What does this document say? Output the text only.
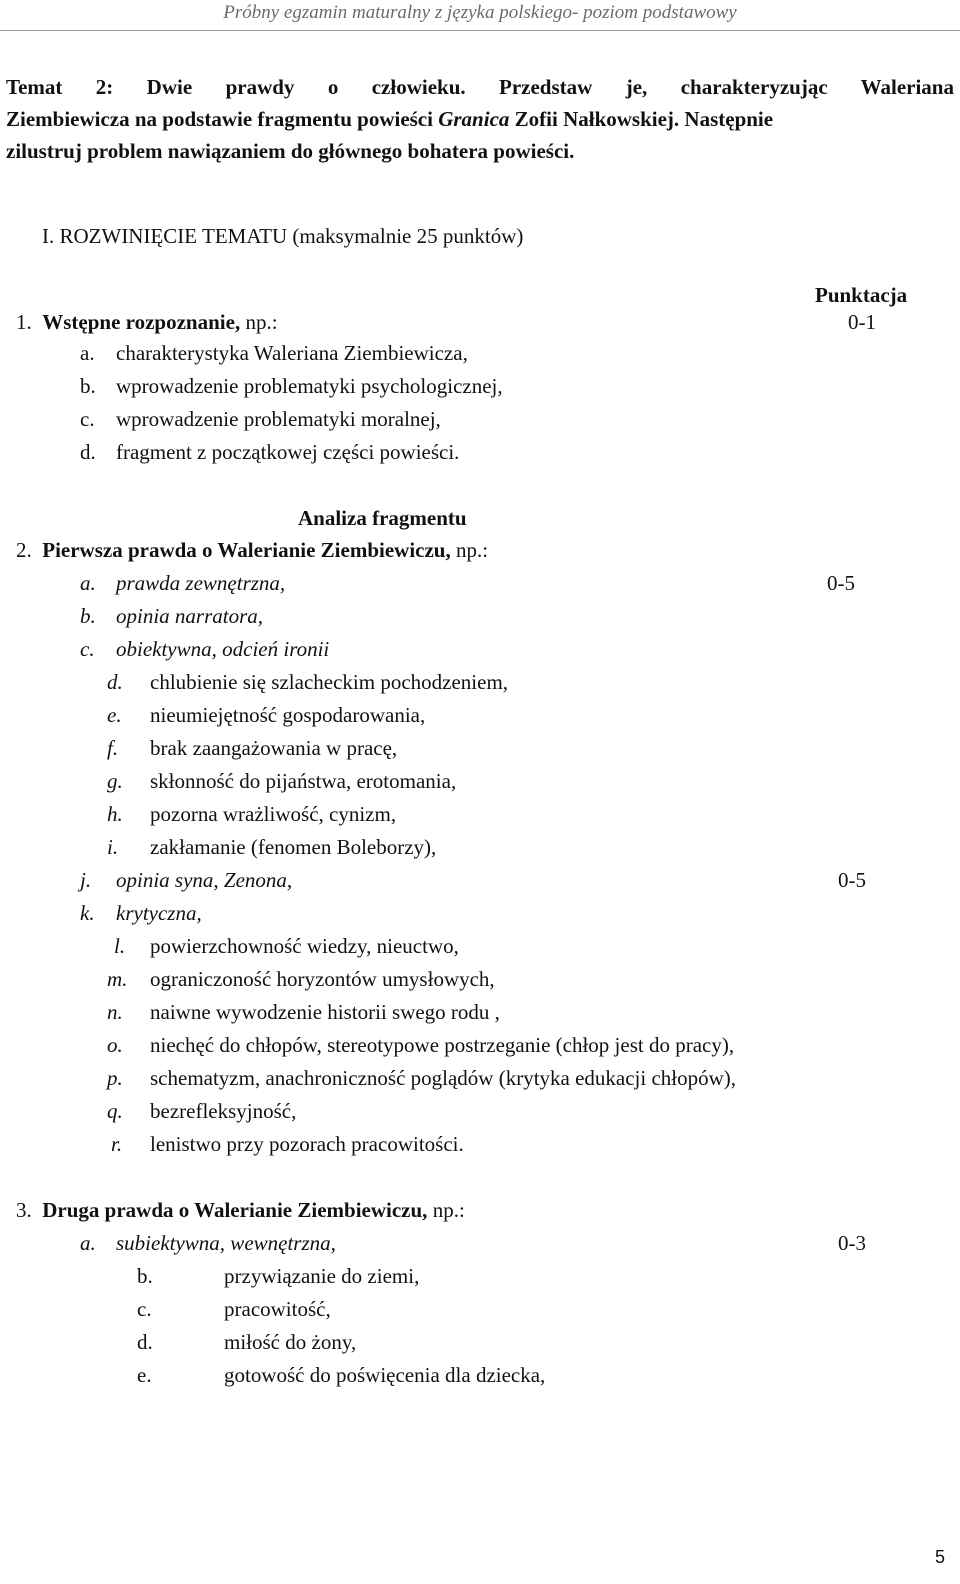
Próbny egzamin maturalny z języka polskiego- poziom podstawowy
Temat 2: Dwie prawdy o człowieku. Przedstaw je, charakteryzując Waleriana
Ziembiewicza na podstawie fragmentu powieści Granica Zofii Nałkowskiej. Następnie
zilustruj problem nawiązaniem do głównego bohatera powieści.
I. ROZWINIĘCIE TEMATU (maksymalnie 25 punktów)
Punktacja
1. Wstępne rozpoznanie, np.:	0-1
a. charakterystyka Waleriana Ziembiewicza,
b. wprowadzenie problematyki psychologicznej,
c. wprowadzenie problematyki moralnej,
d. fragment z początkowej części powieści.
Analiza fragmentu
2. Pierwsza prawda o Walerianie Ziembiewiczu, np.:
a. prawda zewnętrzna,	0-5
b. opinia narratora,
c. obiektywna, odcień ironii
d. chlubienie się szlacheckim pochodzeniem,
e. nieumiejętność gospodarowania,
f. brak zaangażowania w pracę,
g. skłonność do pijaństwa, erotomania,
h. pozorna wrażliwość, cynizm,
i. zakłamanie (fenomen Boleborzy),
j. opinia syna, Zenona,	0-5
k. krytyczna,
l. powierzchowność wiedzy, nieuctwo,
m. ograniczoność horyzontów umysłowych,
n. naiwne wywodzenie historii swego rodu ,
o. niechęć do chłopów, stereotypowe postrzeganie (chłop jest do pracy),
p. schematyzm, anachroniczność poglądów (krytyka edukacji chłopów),
q. bezrefleksyjność,
r. lenistwo przy pozorach pracowitości.
3. Druga prawda o Walerianie Ziembiewiczu, np.:
a. subiektywna, wewnętrzna,	0-3
b.	przywiązanie do ziemi,
c.	pracowitość,
d.	miłość do żony,
e.	gotowość do poświęcenia dla dziecka,
5
